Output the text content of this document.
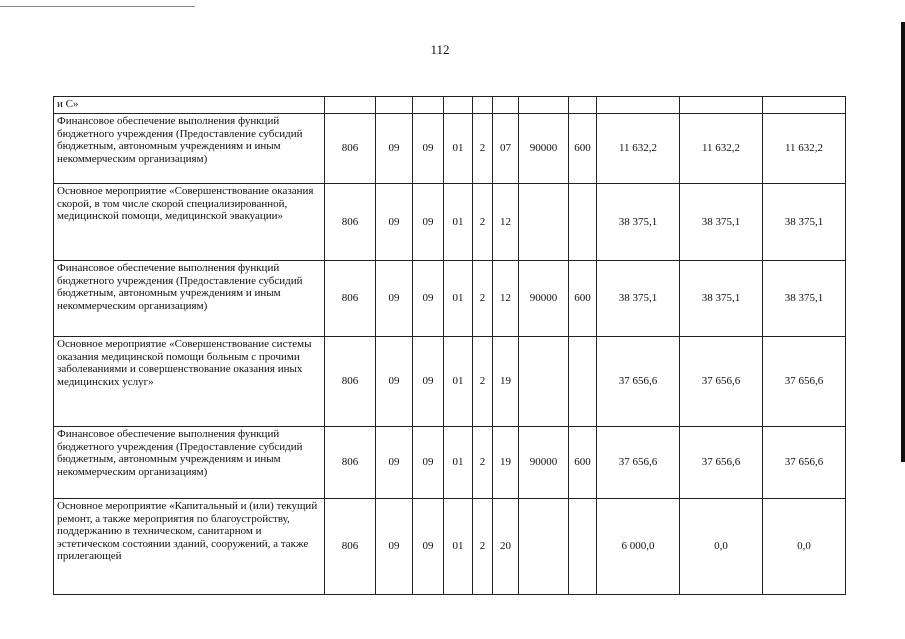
112
и С»											
Финансовое обеспечение выполнения функций бюджетного учреждения (Предоставление субсидий бюджетным, автономным учреждениям и иным некоммерческим организациям)	806	09	09	01	2	07	90000	600	11 632,2	11 632,2	11 632,2
Основное мероприятие «Совершенствование оказания скорой, в том числе скорой специализированной, медицинской помощи, медицинской эвакуации»	806	09	09	01	2	12			38 375,1	38 375,1	38 375,1
Финансовое обеспечение выполнения функций бюджетного учреждения (Предоставление субсидий бюджетным, автономным учреждениям и иным некоммерческим организациям)	806	09	09	01	2	12	90000	600	38 375,1	38 375,1	38 375,1
Основное мероприятие «Совершенствование системы оказания медицинской помощи больным с прочими заболеваниями и совершенствование оказания иных медицинских услуг»	806	09	09	01	2	19			37 656,6	37 656,6	37 656,6
Финансовое обеспечение выполнения функций бюджетного учреждения (Предоставление субсидий бюджетным, автономным учреждениям и иным некоммерческим организациям)	806	09	09	01	2	19	90000	600	37 656,6	37 656,6	37 656,6
Основное мероприятие «Капитальный и (или) текущий ремонт, а также мероприятия по благоустройству, поддержанию в техническом, санитарном и эстетическом состоянии зданий, сооружений, а также прилегающей	806	09	09	01	2	20			6 000,0	0,0	0,0
